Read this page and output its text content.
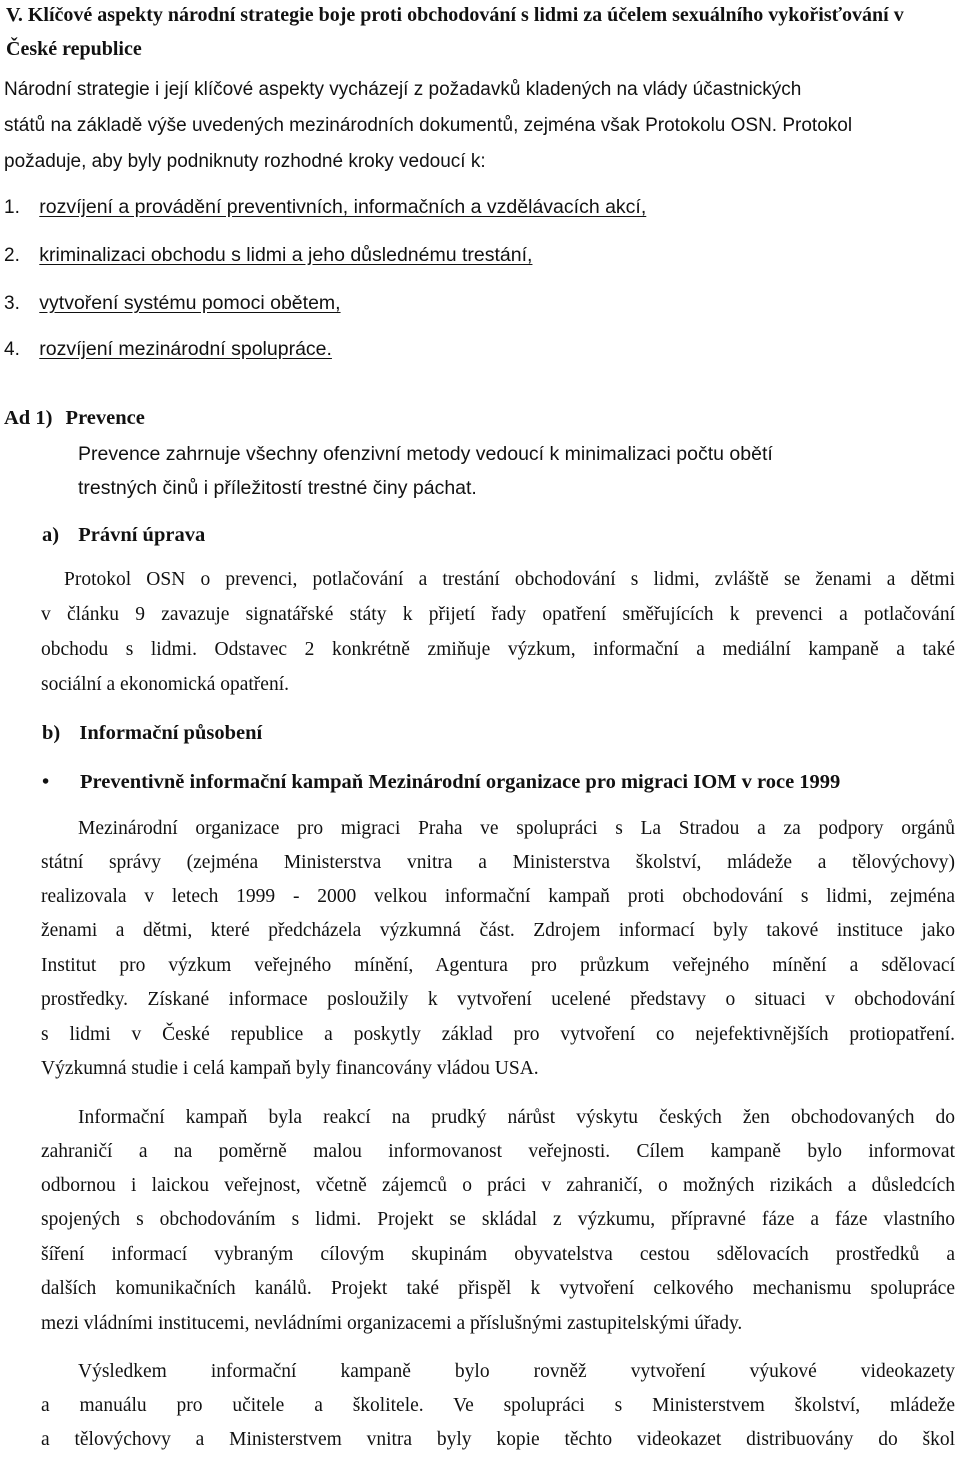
V. Klíčové aspekty národní strategie boje proti obchodování s lidmi za účelem sexuálního vykořisťování v České republice
Národní strategie i její klíčové aspekty vycházejí z požadavků kladených na vlády účastnických
států na základě výše uvedených mezinárodních dokumentů, zejména však Protokolu OSN. Protokol
požaduje, aby byly podniknuty rozhodné kroky vedoucí k:
1. rozvíjení a provádění preventivních, informačních a vzdělávacích akcí,
2. kriminalizaci obchodu s lidmi a jeho důslednému trestání,
3. vytvoření systému pomoci obětem,
4. rozvíjení mezinárodní spolupráce.
Ad 1) Prevence
Prevence zahrnuje všechny ofenzivní metody vedoucí k minimalizaci počtu obětí
trestných činů i příležitostí trestné činy páchat.
a) Právní úprava

Protokol OSN o prevenci, potlačování a trestání obchodování s lidmi, zvláště se ženami a dětmi

v článku 9 zavazuje signatářské státy k přijetí řady opatření směřujících k prevenci a potlačování

obchodu s lidmi. Odstavec 2 konkrétně zmiňuje výzkum, informační a mediální kampaně a také

sociální a ekonomická opatření.

b) Informační působení
• Preventivně informační kampaň Mezinárodní organizace pro migraci IOM v roce 1999

Mezinárodní organizace pro migraci Praha ve spolupráci s La Stradou a za podpory orgánů

státní správy (zejména Ministerstva vnitra a Ministerstva školství, mládeže a tělovýchovy)

realizovala v letech 1999 - 2000 velkou informační kampaň proti obchodování s lidmi, zejména

ženami a dětmi, které předcházela výzkumná část. Zdrojem informací byly takové instituce jako

Institut pro výzkum veřejného mínění, Agentura pro průzkum veřejného mínění a sdělovací

prostředky. Získané informace posloužily k vytvoření ucelené představy o situaci v obchodování

s lidmi v České republice a poskytly základ pro vytvoření co nejefektivnějších protiopatření.

Výzkumná studie i celá kampaň byly financovány vládou USA.

Informační kampaň byla reakcí na prudký nárůst výskytu českých žen obchodovaných do

zahraničí a na poměrně malou informovanost veřejnosti. Cílem kampaně bylo informovat

odbornou i laickou veřejnost, včetně zájemců o práci v zahraničí, o možných rizikách a důsledcích

spojených s obchodováním s lidmi. Projekt se skládal z výzkumu, přípravné fáze a fáze vlastního

šíření informací vybraným cílovým skupinám obyvatelstva cestou sdělovacích prostředků a

dalších komunikačních kanálů. Projekt také přispěl k vytvoření celkového mechanismu spolupráce

mezi vládními institucemi, nevládními organizacemi a příslušnými zastupitelskými úřady.

Výsledkem informační kampaně bylo rovněž vytvoření výukové videokazety

a manuálu pro učitele a školitele. Ve spolupráci s Ministerstvem školství, mládeže

a tělovýchovy a Ministerstvem vnitra byly kopie těchto videokazet distribuovány do škol
